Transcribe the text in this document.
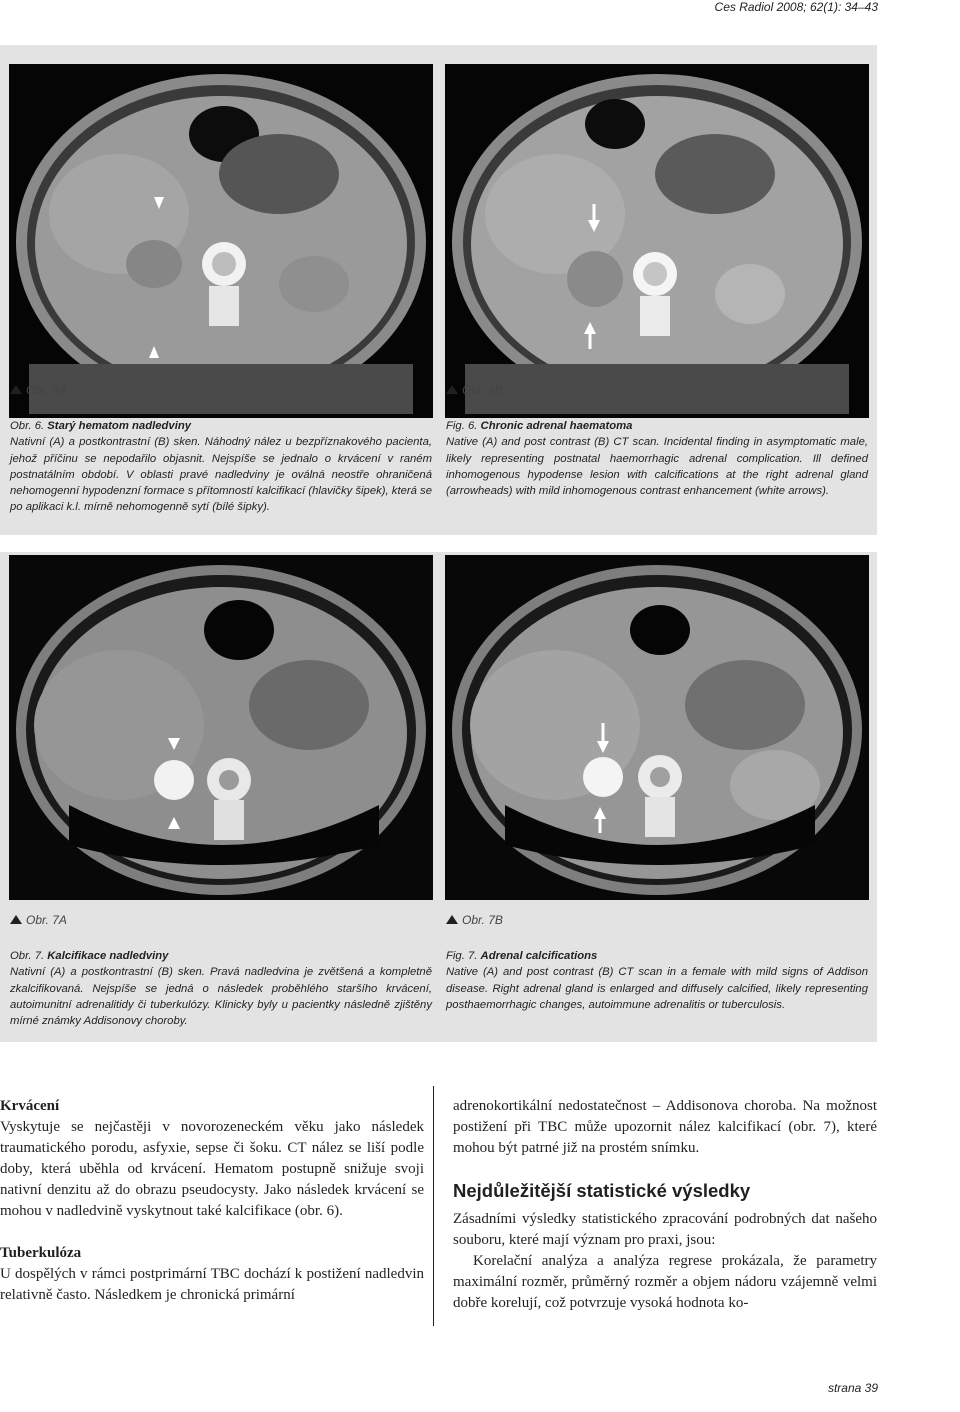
Ces Radiol 2008; 62(1): 34–43
Obr. 6A	Obr. 6B

Obr. 6. Starý hematom nadledviny

Nativní (A) a postkontrastní (B) sken. Náhodný nález u bezpříznakového pacienta, jehož příčinu se nepodařilo objasnit. Nejspíše se jednalo o krvácení v raném postnatálním období. V oblasti pravé nadledviny je oválná neostře ohraničená nehomogenní hypodenzní formace s přítomností kalcifikací (hlavičky šipek), která se po aplikaci k.l. mírně nehomogenně sytí (bílé šipky).

Fig. 6. Chronic adrenal haematoma

Native (A) and post contrast (B) CT scan. Incidental finding in asymptomatic male, likely representing postnatal haemorrhagic adrenal complication. Ill defined inhomogenous hypodense lesion with calcifications at the right adrenal gland (arrowheads) with mild inhomogenous contrast enhancement (white arrows).

Obr. 7A	Obr. 7B

Obr. 7. Kalcifikace nadledviny

Nativní (A) a postkontrastní (B) sken. Pravá nadledvina je zvětšená a kompletně zkalcifikovaná. Nejspíše se jedná o následek proběhlého staršího krvácení, autoimunitní adrenalitidy či tuberkulózy. Klinicky byly u pacientky následně zjištěny mírné známky Addisonovy choroby.

Fig. 7. Adrenal calcifications

Native (A) and post contrast (B) CT scan in a female with mild signs of Addison disease. Right adrenal gland is enlarged and diffusely calcified, likely representing posthaemorrhagic changes, autoimmune adrenalitis or tuberculosis.

Krvácení

Vyskytuje se nejčastěji v novorozeneckém věku jako následek traumatického porodu, asfyxie, sepse či šoku. CT nález se liší podle doby, která uběhla od krvácení. Hematom postupně snižuje svoji nativní denzitu až do obrazu pseudocysty. Jako následek krvácení se mohou v nadledvině vyskytnout také kalcifikace (obr. 6).

Tuberkulóza

U dospělých v rámci postprimární TBC dochází k postižení nadledvin relativně často. Následkem je chronická primární

adrenokortikální nedostatečnost – Addisonova choroba. Na možnost postižení při TBC může upozornit nález kalcifikací (obr. 7), které mohou být patrné již na prostém snímku.

Nejdůležitější statistické výsledky

Zásadními výsledky statistického zpracování podrobných dat našeho souboru, které mají význam pro praxi, jsou:

Korelační analýza a analýza regrese prokázala, že parametry maximální rozměr, průměrný rozměr a objem nádoru vzájemně velmi dobře korelují, což potvrzuje vysoká hodnota ko-

strana 39
